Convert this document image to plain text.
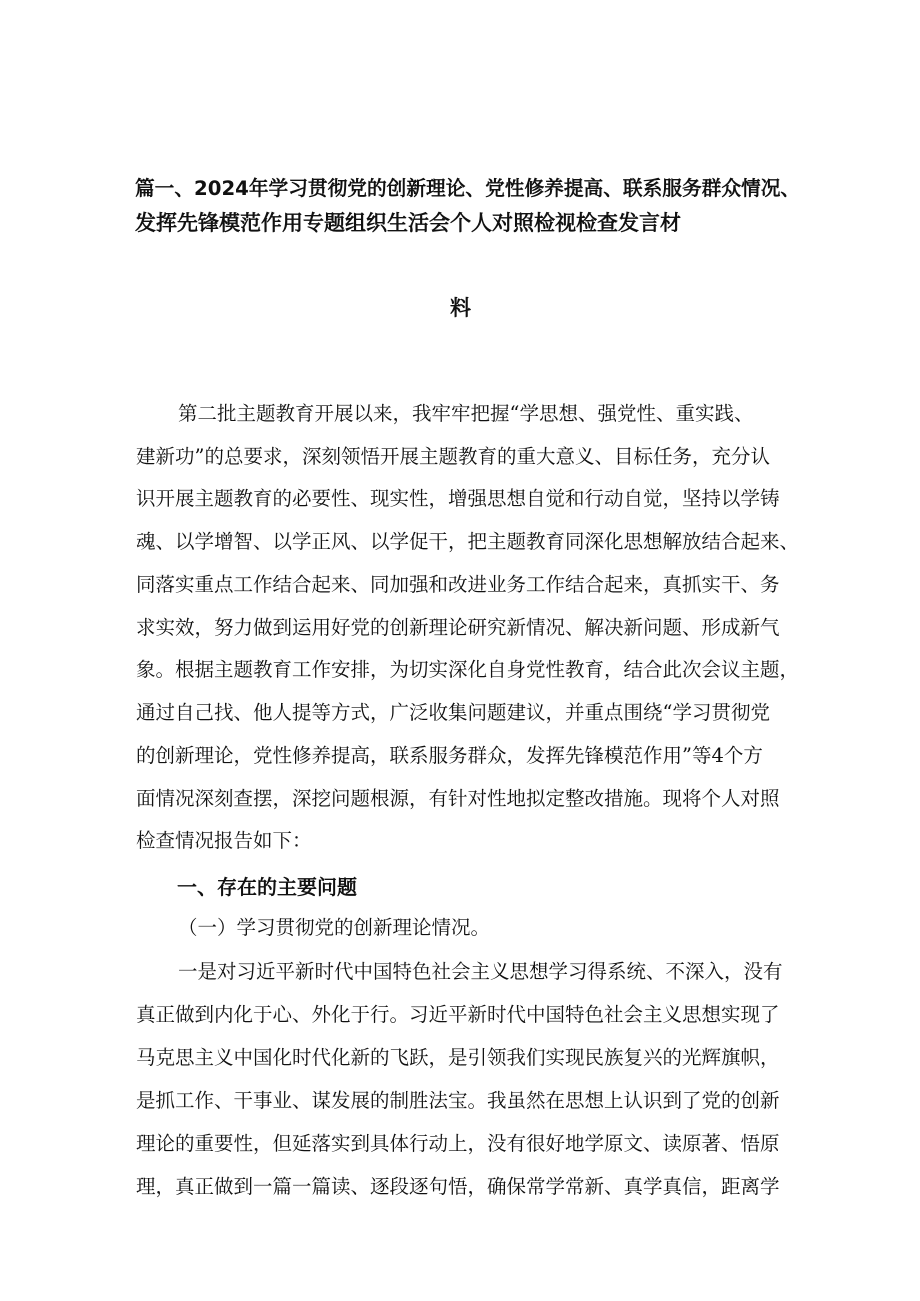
篇一、2024年学习贯彻党的创新理论、党性修养提高、联系服务群众情况、
发挥先锋模范作用专题组织生活会个人对照检视检查发言材
料
第二批主题教育开展以来，我牢牢把握“学思想、强党性、重实践、
建新功”的总要求，深刻领悟开展主题教育的重大意义、目标任务，充分认
识开展主题教育的必要性、现实性，增强思想自觉和行动自觉，坚持以学铸
魂、以学增智、以学正风、以学促干，把主题教育同深化思想解放结合起来、
同落实重点工作结合起来、同加强和改进业务工作结合起来，真抓实干、务
求实效，努力做到运用好党的创新理论研究新情况、解决新问题、形成新气
象。根据主题教育工作安排，为切实深化自身党性教育，结合此次会议主题，
通过自己找、他人提等方式，广泛收集问题建议，并重点围绕“学习贯彻党
的创新理论，党性修养提高，联系服务群众，发挥先锋模范作用”等4个方
面情况深刻查摆，深挖问题根源，有针对性地拟定整改措施。现将个人对照
检查情况报告如下：
一、存在的主要问题
（一）学习贯彻党的创新理论情况。
一是对习近平新时代中国特色社会主义思想学习得系统、不深入，没有
真正做到内化于心、外化于行。习近平新时代中国特色社会主义思想实现了
马克思主义中国化时代化新的飞跃，是引领我们实现民族复兴的光辉旗帜，
是抓工作、干事业、谋发展的制胜法宝。我虽然在思想上认识到了党的创新
理论的重要性，但延落实到具体行动上，没有很好地学原文、读原著、悟原
理，真正做到一篇一篇读、逐段逐句悟，确保常学常新、真学真信，距离学
